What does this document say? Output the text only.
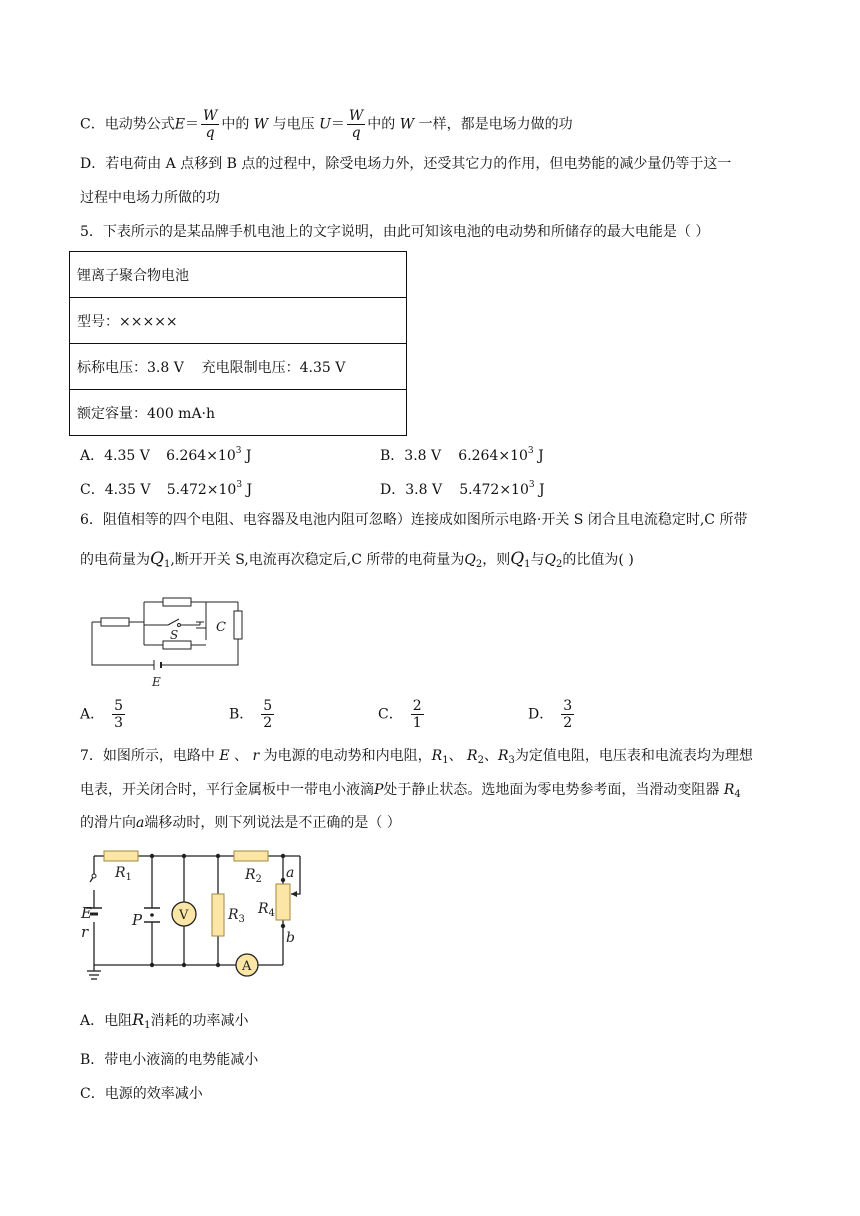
C．电动势公式$E= \frac{W}{q}$ 中的 W 与电压 $U= \frac{W}{q}$ 中的 W 一样，都是电场力做的功
D．若电荷由 A 点移到 B 点的过程中，除受电场力外，还受其它力的作用，但电势能的减少量仍等于这一
过程中电场力所做的功
5．下表所示的是某品牌手机电池上的文字说明，由此可知该电池的电动势和所储存的最大电能是（ ）
锂离子聚合物电池
型号：×××××
标称电压：3.8 V    充电限制电压：4.35 V
额定容量：400 mA·h
A．4.35 V $6.264\times 10^3$ J	B．3.8 V $6.264\times 10^3$ J
C．4.35 V $5.472\times 10^3$ J	D．3.8 V $5.472\times 10^3$ J
6．阻值相等的四个电阻、电容器及电池内阻可忽略）连接成如图所示电路·开关 S 闭合且电流稳定时,C 所带
的电荷量为$Q_1$,断开开关 S,电流再次稳定后,C 所带的电荷量为$Q_2$，则$Q_1$与$Q_2$的比值为( )
S	C
E
A． $\frac{5}{3}$	B． $\frac{5}{2}$	C． $\frac{2}{1}$	D． $\frac{3}{2}$
7．如图所示，电路中 E 、 r 为电源的电动势和内电阻，$R_1$、 $R_2$、$R_3$为定值电阻，电压表和电流表均为理想
电表，开关闭合时，平行金属板中一带电小液滴P处于静止状态。选地面为零电势参考面，当滑动变阻器 $R_4$
的滑片向a端移动时，则下列说法是不正确的是（ ）
V
A
$R_1$	$R_2$
$R_3$
$R_4$
E
r
P
a
b
A．电阻$R_1$消耗的功率减小
B．带电小液滴的电势能减小
C．电源的效率减小
